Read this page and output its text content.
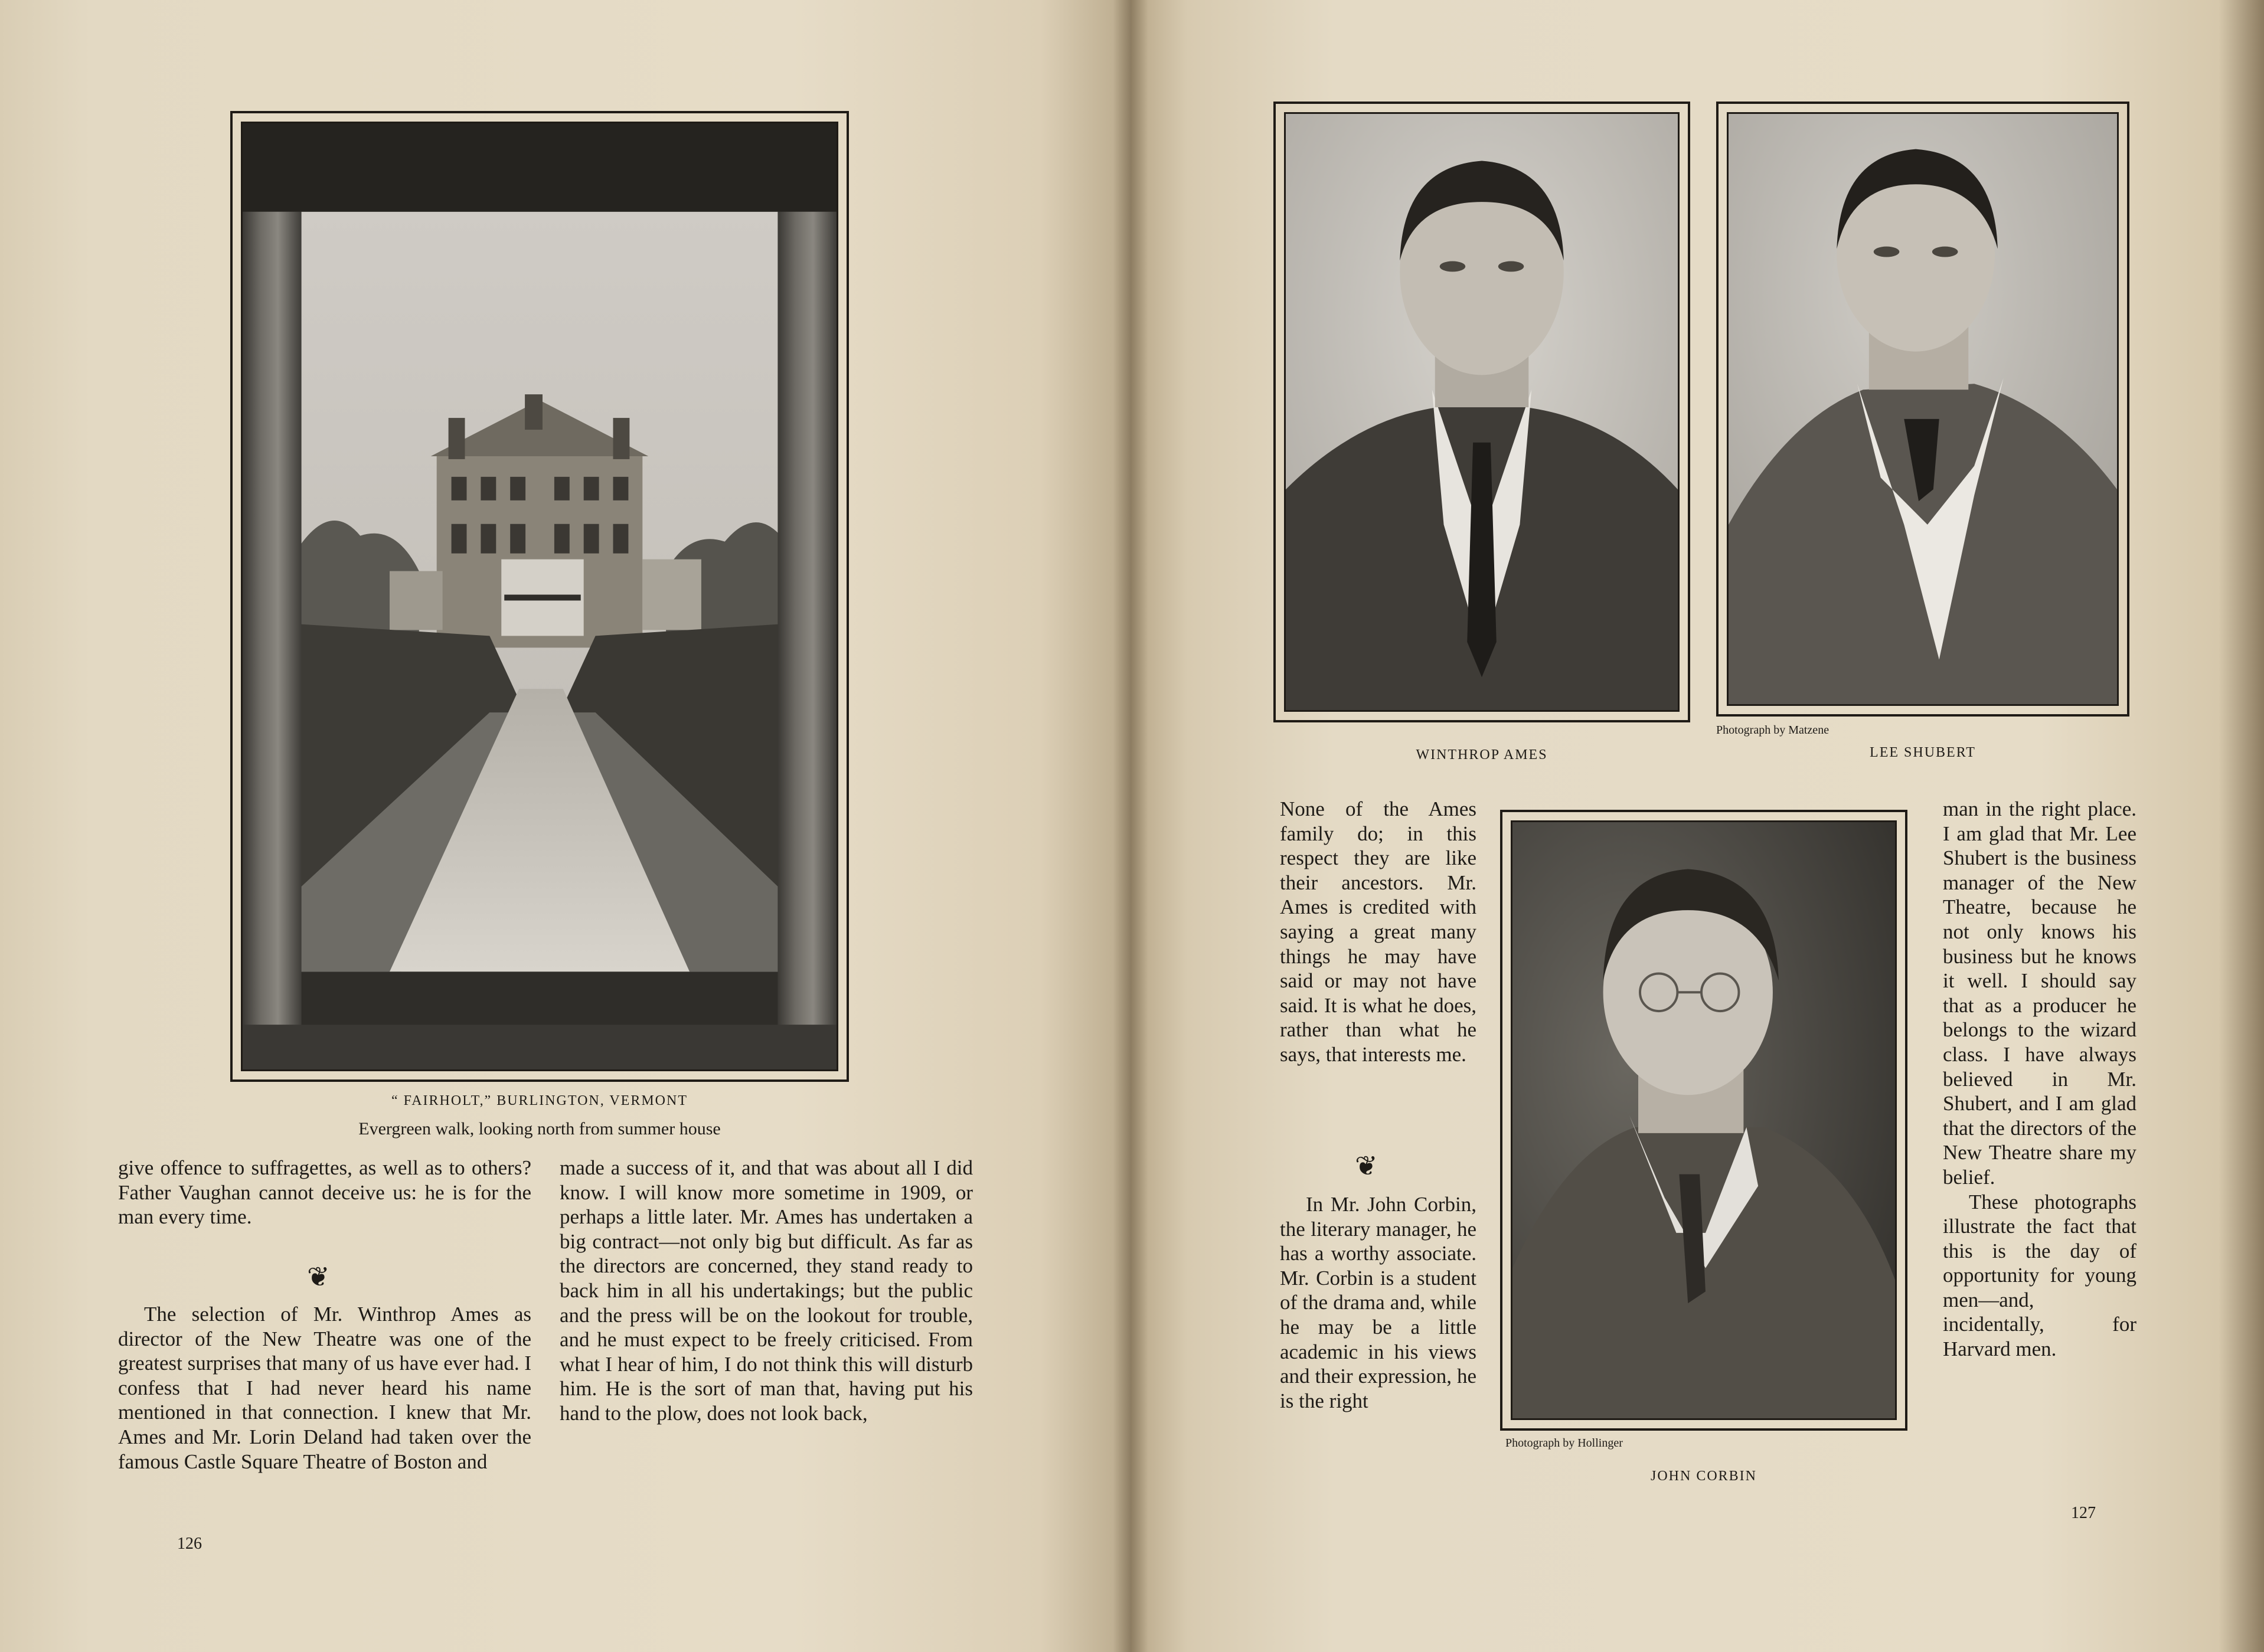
“ FAIRHOLT,” BURLINGTON, VERMONT
Evergreen walk, looking north from summer house

give offence to suffragettes, as well as to others? Father Vaughan cannot deceive us: he is for the man every time.

❦

The selection of Mr. Winthrop Ames as director of the New Theatre was one of the greatest surprises that many of us have ever had. I confess that I had never heard his name mentioned in that connection. I knew that Mr. Ames and Mr. Lorin Deland had taken over the famous Castle Square Theatre of Boston and

made a success of it, and that was about all I did know. I will know more sometime in 1909, or perhaps a little later. Mr. Ames has undertaken a big contract—not only big but difficult. As far as the directors are concerned, they stand ready to back him in all his undertakings; but the public and the press will be on the lookout for trouble, and he must expect to be freely criticised. From what I hear of him, I do not think this will disturb him. He is the sort of man that, having put his hand to the plow, does not look back,

126
WINTHROP AMES
Photograph by Matzene
LEE SHUBERT

None of the Ames family do; in this respect they are like their ancestors. Mr. Ames is credited with saying a great many things he may have said or may not have said. It is what he does, rather than what he says, that interests me.

❦

In Mr. John Corbin, the literary manager, he has a worthy associate. Mr. Corbin is a student of the drama and, while he may be a little academic in his views and their expression, he is the right

Photograph by Hollinger
JOHN CORBIN

man in the right place. I am glad that Mr. Lee Shubert is the business manager of the New Theatre, because he not only knows his business but he knows it well. I should say that as a producer he belongs to the wizard class. I have always believed in Mr. Shubert, and I am glad that the directors of the New Theatre share my belief.

These photographs illustrate the fact that this is the day of opportunity for young men—and, incidentally, for Harvard men.

127
